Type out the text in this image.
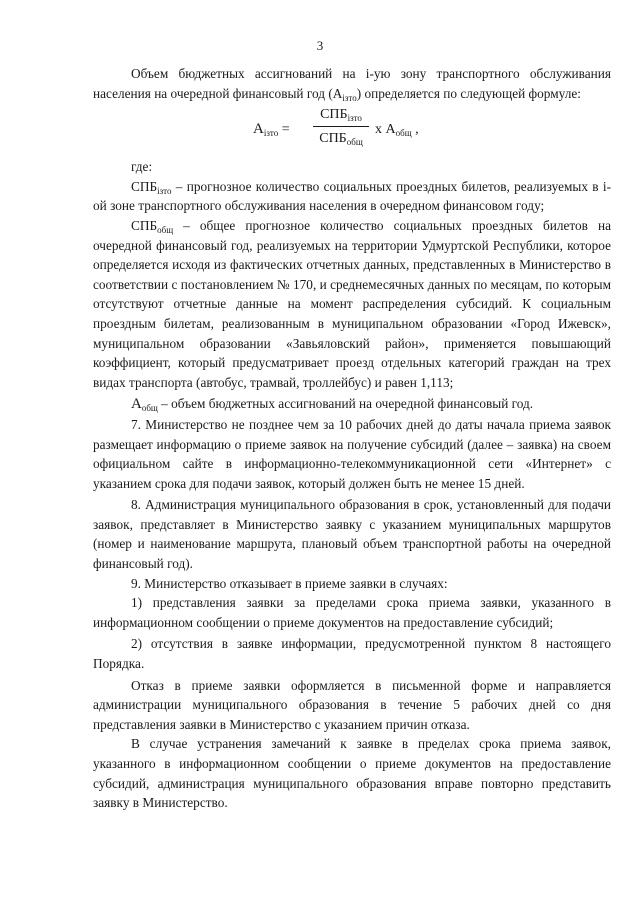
3

Объем бюджетных ассигнований на i-ую зону транспортного обслуживания населения на очередной финансовый год $(А_{iзто})$ определяется по следующей формуле:

$А_{iзто}$ =
$СПБ_{iзто}$
$СПБ_{общ}$
х $А_{общ}$ ,

где:

$СПБ_{iзто}$ – прогнозное количество социальных проездных билетов, реализуемых в i-ой зоне транспортного обслуживания населения в очередном финансовом году;

$СПБ_{общ}$ – общее прогнозное количество социальных проездных билетов на очередной финансовый год, реализуемых на территории Удмуртской Республики, которое определяется исходя из фактических отчетных данных, представленных в Министерство в соответствии с постановлением № 170, и среднемесячных данных по месяцам, по которым отсутствуют отчетные данные на момент распределения субсидий. К социальным проездным билетам, реализованным в муниципальном образовании «Город Ижевск», муниципальном образовании «Завьяловский район», применяется повышающий коэффициент, который предусматривает проезд отдельных категорий граждан на трех видах транспорта (автобус, трамвай, троллейбус) и равен 1,113;

$А_{общ}$ – объем бюджетных ассигнований на очередной финансовый год.

7. Министерство не позднее чем за 10 рабочих дней до даты начала приема заявок размещает информацию о приеме заявок на получение субсидий (далее – заявка) на своем официальном сайте в информационно-телекоммуникационной сети «Интернет» с указанием срока для подачи заявок, который должен быть не менее 15 дней.

8. Администрация муниципального образования в срок, установленный для подачи заявок, представляет в Министерство заявку с указанием муниципальных маршрутов (номер и наименование маршрута, плановый объем транспортной работы на очередной финансовый год).

9. Министерство отказывает в приеме заявки в случаях:

1) представления заявки за пределами срока приема заявки, указанного в информационном сообщении о приеме документов на предоставление субсидий;

2) отсутствия в заявке информации, предусмотренной пунктом 8 настоящего Порядка.

Отказ в приеме заявки оформляется в письменной форме и направляется администрации муниципального образования в течение 5 рабочих дней со дня представления заявки в Министерство с указанием причин отказа.

В случае устранения замечаний к заявке в пределах срока приема заявок, указанного в информационном сообщении о приеме документов на предоставление субсидий, администрация муниципального образования вправе повторно представить заявку в Министерство.
